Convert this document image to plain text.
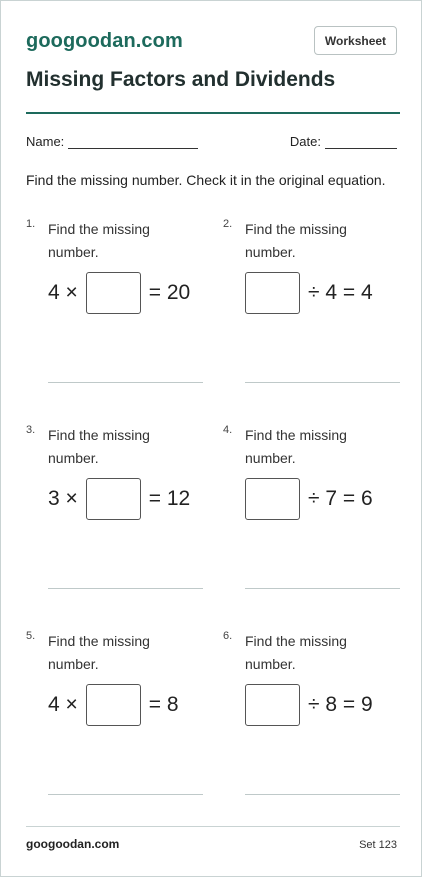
googoodan.com	Worksheet
Missing Factors and Dividends
Name:	Date:
Find the missing number. Check it in the original equation.
1. Find the missing number.
4 ×	= 20
2. Find the missing number.
÷ 4 = 4
3. Find the missing number.
3 ×	= 12
4. Find the missing number.
÷ 7 = 6
5. Find the missing number.
4 ×	= 8
6. Find the missing number.
÷ 8 = 9
googoodan.com	Set 123
